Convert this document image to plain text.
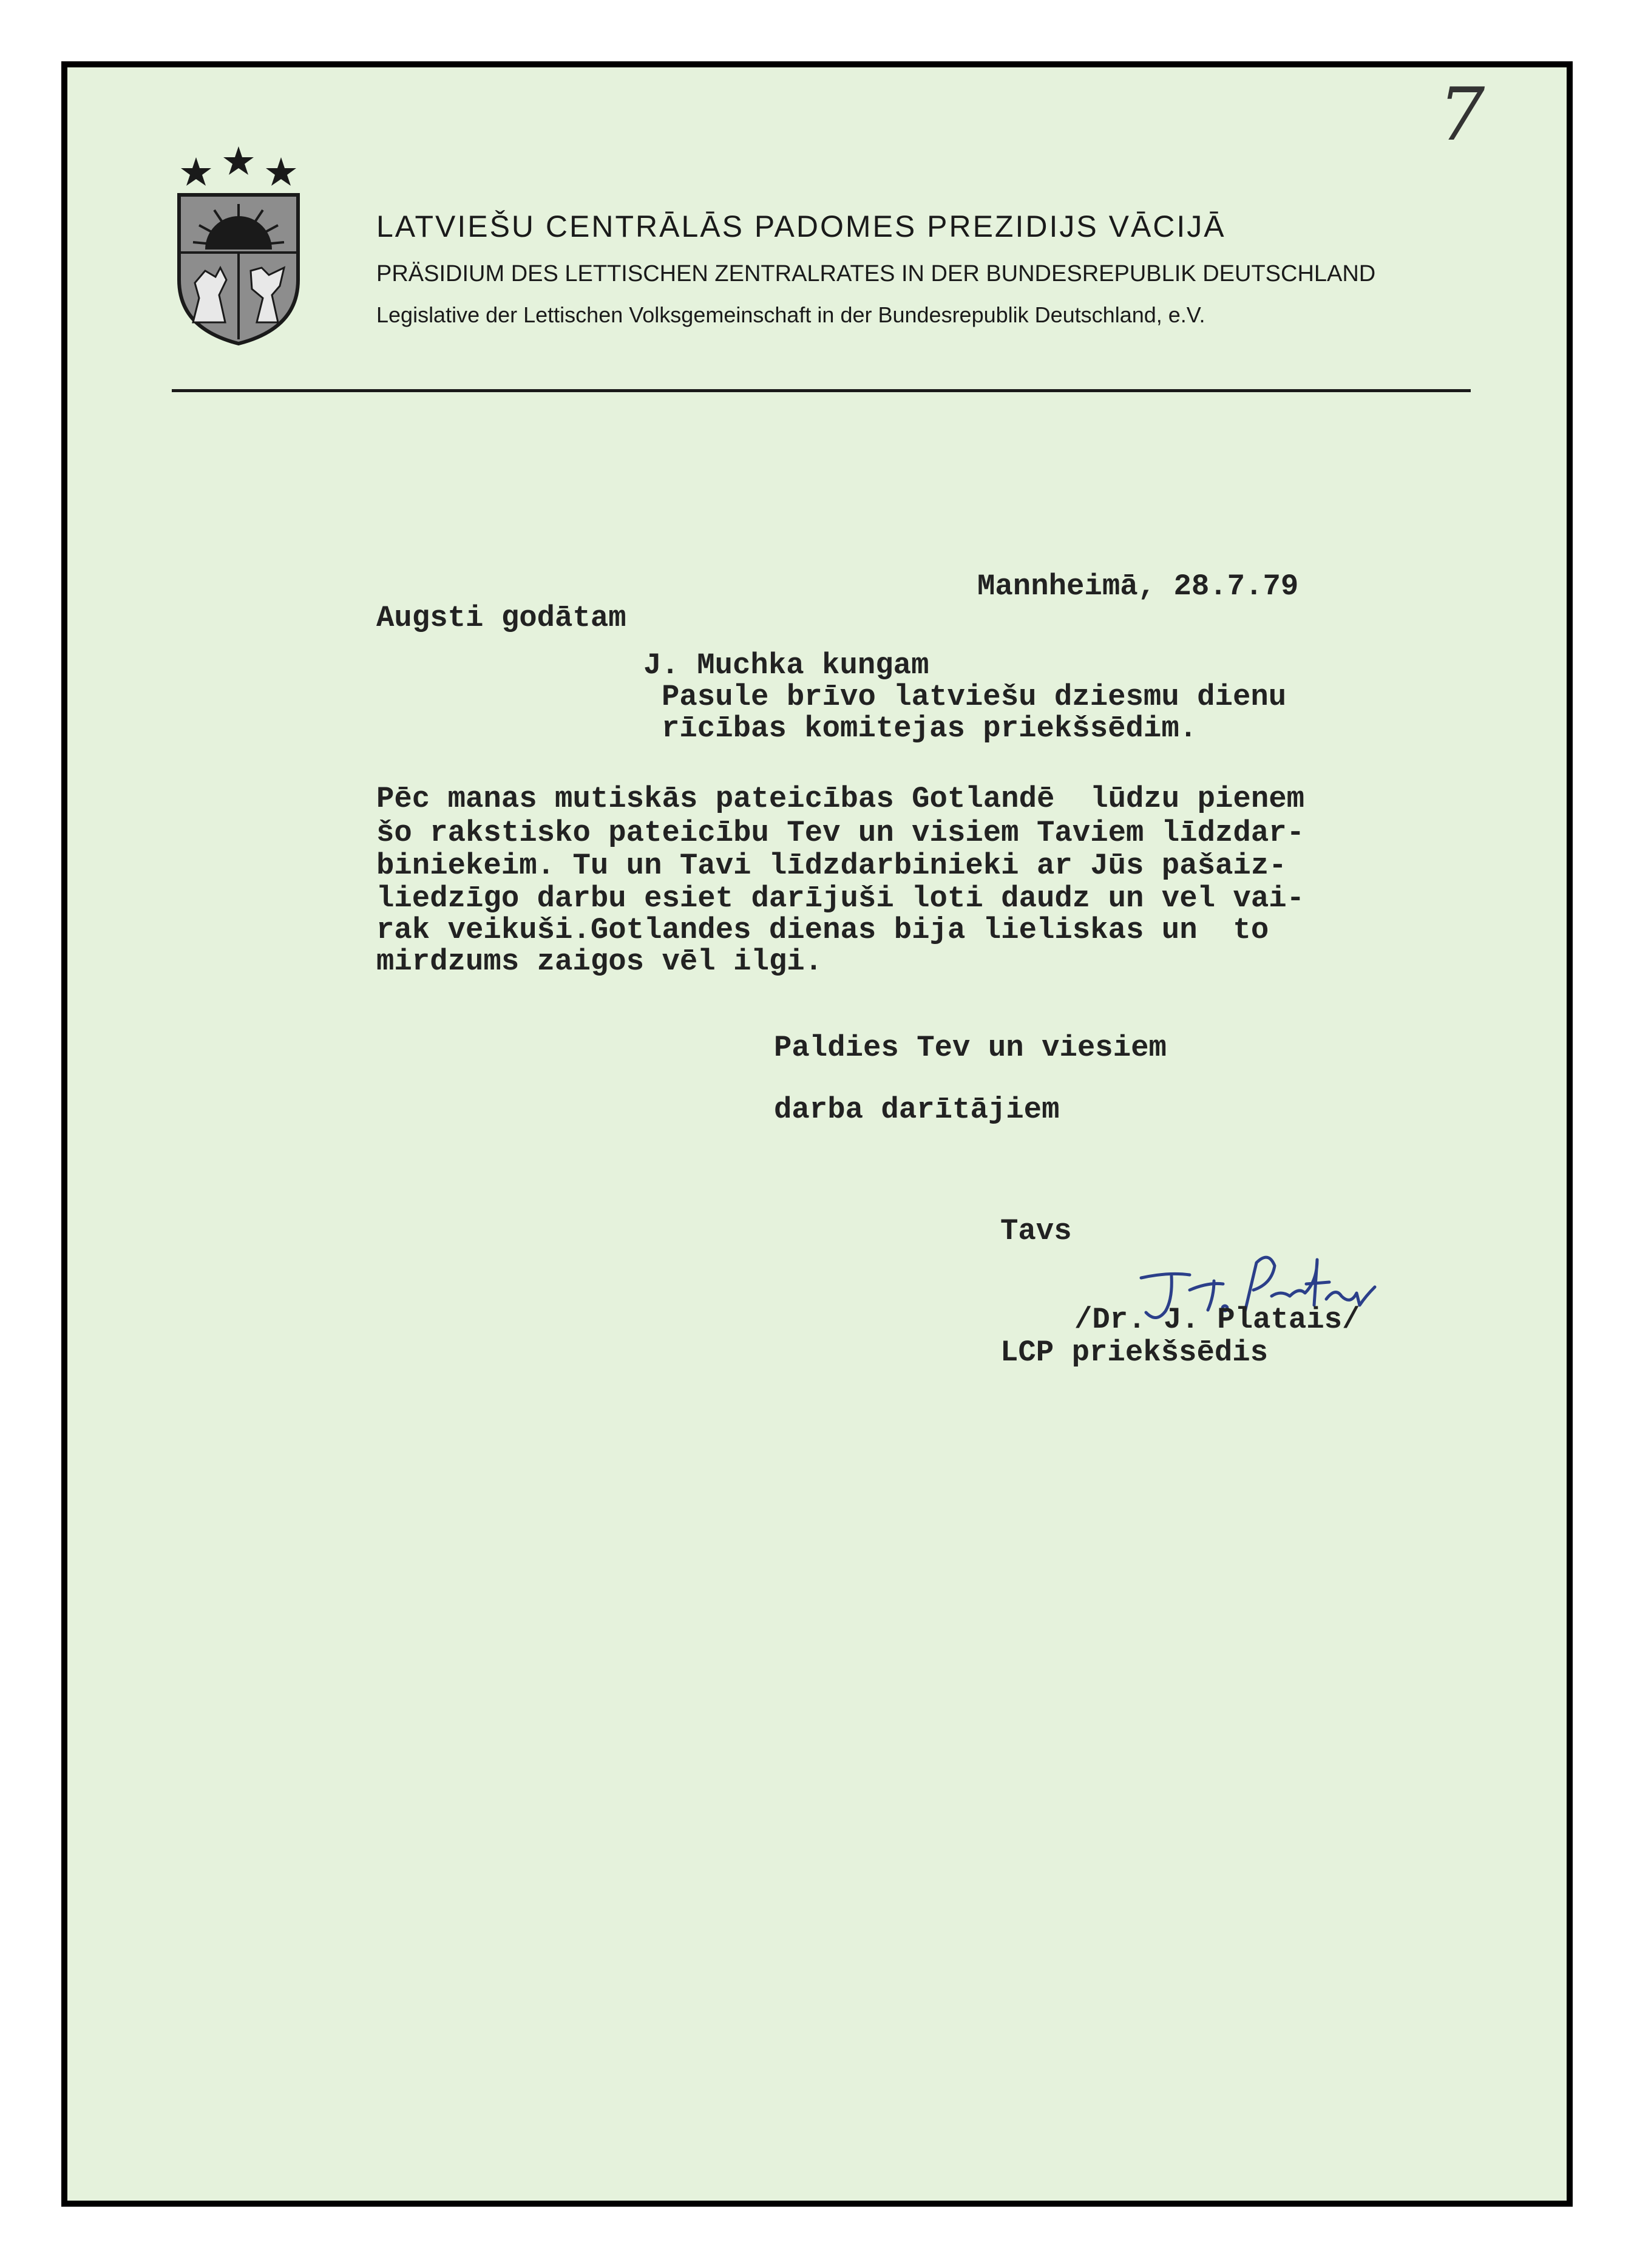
7
LATVIEŠU CENTRĀLĀS PADOMES PREZIDIJS VĀCIJĀ
PRÄSIDIUM DES LETTISCHEN ZENTRALRATES IN DER BUNDESREPUBLIK DEUTSCHLAND
Legislative der Lettischen Volksgemeinschaft in der Bundesrepublik Deutschland, e.V.
Mannheimā, 28.7.79
Augsti godātam
J. Muchka kungam
Pasule brīvo latviešu dziesmu dienu
rīcības komitejas priekšsēdim.
Pēc manas mutiskās pateicības Gotlandē  lūdzu pienem
šo rakstisko pateicību Tev un visiem Taviem līdzdar-
biniekeim. Tu un Tavi līdzdarbinieki ar Jūs pašaiz-
liedzīgo darbu esiet darījuši loti daudz un vel vai-
rak veikuši.Gotlandes dienas bija lieliskas un  to
mirdzums zaigos vēl ilgi.
Paldies Tev un viesiem
darba darītājiem
Tavs
/Dr. J. Platais/
LCP priekšsēdis
